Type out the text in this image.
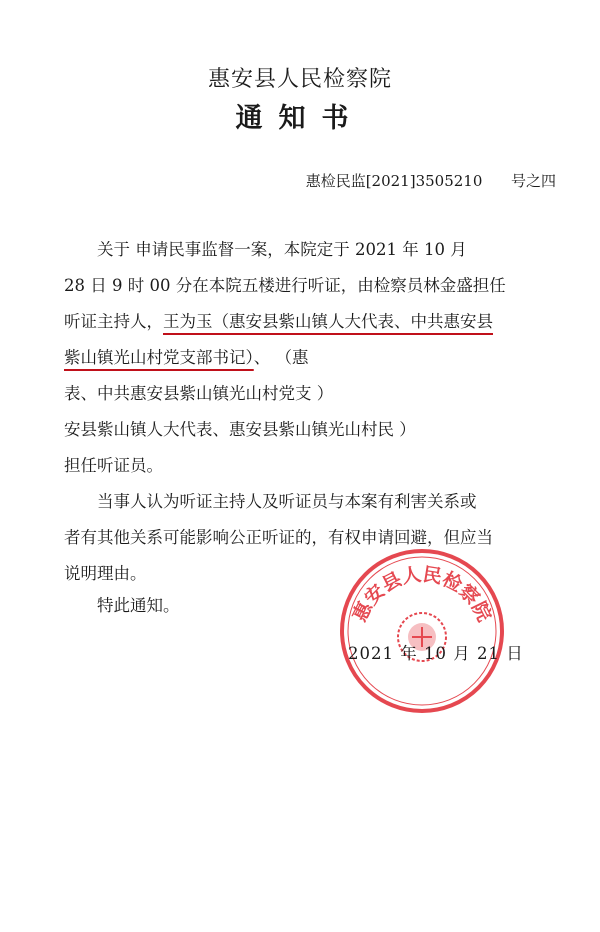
惠安县人民检察院
通知书
惠检民监[2021]3505210      号之四
关于 申请民事监督一案，本院定于 2021 年 10 月
28 日 9 时 00 分在本院五楼进行听证，由检察员林金盛担任
听证主持人，王为玉（惠安县紫山镇人大代表、中共惠安县
紫山镇光山村党支部书记）、 （惠
表、中共惠安县紫山镇光山村党支 ）
安县紫山镇人大代表、惠安县紫山镇光山村民 ）
担任听证员。
当事人认为听证主持人及听证员与本案有利害关系或
者有其他关系可能影响公正听证的，有权申请回避，但应当
说明理由。
特此通知。	惠安县人民检察院
2021 年 10 月 21 日
